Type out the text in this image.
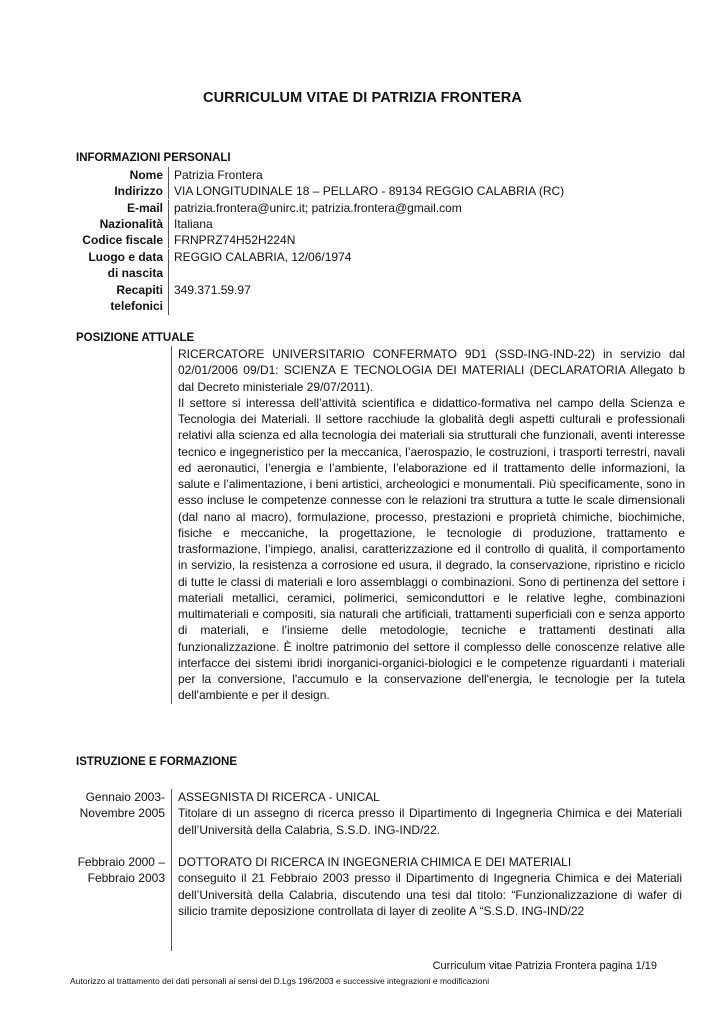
CURRICULUM VITAE DI PATRIZIA FRONTERA
INFORMAZIONI PERSONALI
Nome Patrizia Frontera
Indirizzo VIA LONGITUDINALE 18 – PELLARO - 89134 REGGIO CALABRIA (RC)
E-mail patrizia.frontera@unirc.it; patrizia.frontera@gmail.com
Nazionalità Italiana
Codice fiscale FRNPRZ74H52H224N
Luogo e data di nascita
REGGIO CALABRIA, 12/06/1974
Recapiti telefonici
349.371.59.97
POSIZIONE ATTUALE

RICERCATORE UNIVERSITARIO CONFERMATO 9D1 (SSD-ING-IND-22) in servizio dal 02/01/2006 09/D1: SCIENZA E TECNOLOGIA DEI MATERIALI (DECLARATORIA Allegato b dal Decreto ministeriale 29/07/2011).

Il settore si interessa dell’attività scientifica e didattico-formativa nel campo della Scienza e Tecnologia dei Materiali. Il settore racchiude la globalità degli aspetti culturali e professionali relativi alla scienza ed alla tecnologia dei materiali sia strutturali che funzionali, aventi interesse tecnico e ingegneristico per la meccanica, l’aerospazio, le costruzioni, i trasporti terrestri, navali ed aeronautici, l’energia e l’ambiente, l’elaborazione ed il trattamento delle informazioni, la salute e l’alimentazione, i beni artistici, archeologici e monumentali. Più specificamente, sono in esso incluse le competenze connesse con le relazioni tra struttura a tutte le scale dimensionali (dal nano al macro), formulazione, processo, prestazioni e proprietà chimiche, biochimiche, fisiche e meccaniche, la progettazione, le tecnologie di produzione, trattamento e trasformazione, l’impiego, analisi, caratterizzazione ed il controllo di qualità, il comportamento in servizio, la resistenza a corrosione ed usura, il degrado, la conservazione, ripristino e riciclo di tutte le classi di materiali e loro assemblaggi o combinazioni. Sono di pertinenza del settore i materiali metallici, ceramici, polimerici, semiconduttori e le relative leghe, combinazioni multimateriali e compositi, sia naturali che artificiali, trattamenti superficiali con e senza apporto di materiali, e l’insieme delle metodologie, tecniche e trattamenti destinati alla funzionalizzazione. È inoltre patrimonio del settore il complesso delle conoscenze relative alle interfacce dei sistemi ibridi inorganici-organici-biologici e le competenze riguardanti i materiali per la conversione, l'accumulo e la conservazione dell'energia, le tecnologie per la tutela dell'ambiente e per il design.

ISTRUZIONE E FORMAZIONE
Gennaio 2003-Novembre 2005
ASSEGNISTA DI RICERCA - UNICAL
Titolare di un assegno di ricerca presso il Dipartimento di Ingegneria Chimica e dei Materiali dell’Università della Calabria, S.S.D. ING-IND/22.
Febbraio 2000 – Febbraio 2003
DOTTORATO DI RICERCA IN INGEGNERIA CHIMICA E DEI MATERIALI
conseguito il 21 Febbraio 2003 presso il Dipartimento di Ingegneria Chimica e dei Materiali dell’Università della Calabria, discutendo una tesi dal titolo: “Funzionalizzazione di wafer di silicio tramite deposizione controllata di layer di zeolite A “S.S.D. ING-IND/22
Curriculum vitae Patrizia Frontera pagina 1/19
Autorizzo al trattamento dei dati personali ai sensi del D.Lgs 196/2003 e successive integrazioni e modificazioni
